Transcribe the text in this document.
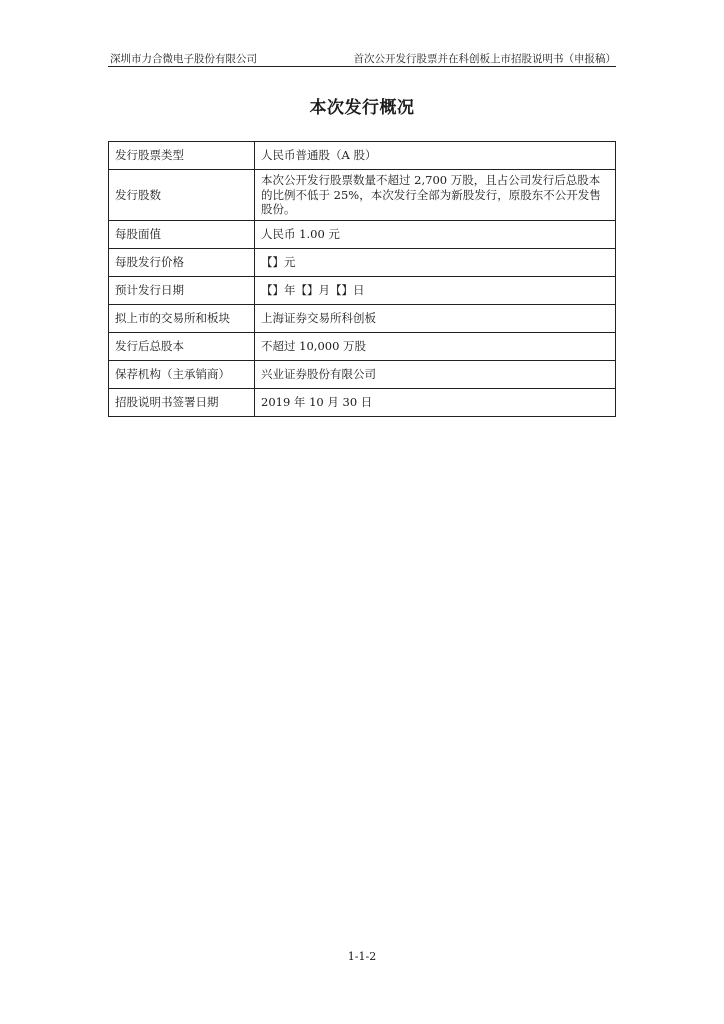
深圳市力合微电子股份有限公司	首次公开发行股票并在科创板上市招股说明书（申报稿）
本次发行概况
发行股票类型	人民币普通股（A 股）
发行股数	本次公开发行股票数量不超过 2,700 万股，且占公司发行后总股本的比例不低于 25%，本次发行全部为新股发行，原股东不公开发售股份。
每股面值	人民币 1.00 元
每股发行价格	【】元
预计发行日期	【】年【】月【】日
拟上市的交易所和板块	上海证券交易所科创板
发行后总股本	不超过 10,000 万股
保荐机构（主承销商）	兴业证券股份有限公司
招股说明书签署日期	2019 年 10 月 30 日
1-1-2
